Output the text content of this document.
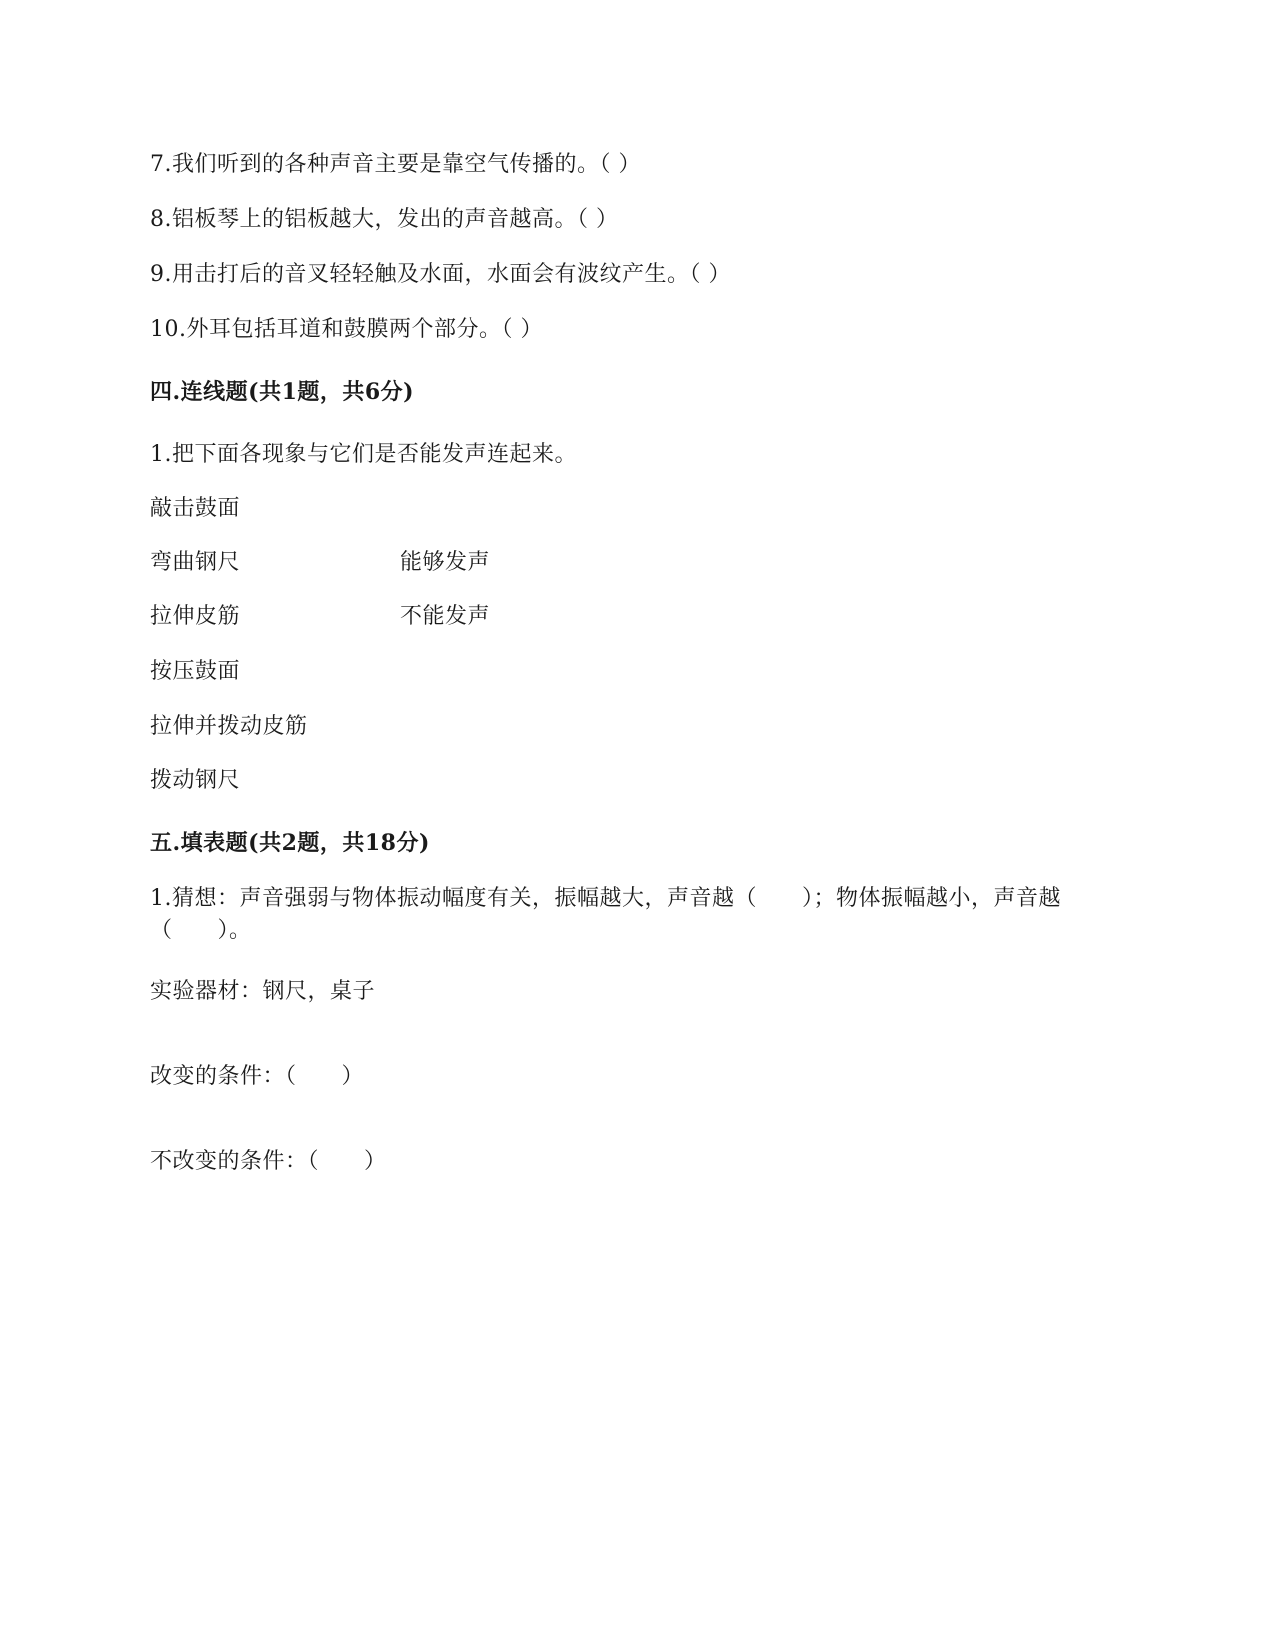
7.我们听到的各种声音主要是靠空气传播的。（ ）
8.铝板琴上的铝板越大，发出的声音越高。（ ）
9.用击打后的音叉轻轻触及水面，水面会有波纹产生。（ ）
10.外耳包括耳道和鼓膜两个部分。（ ）
四.连线题(共1题，共6分)
1.把下面各现象与它们是否能发声连起来。
敲击鼓面
弯曲钢尺	能够发声
拉伸皮筋	不能发声
按压鼓面
拉伸并拨动皮筋
拨动钢尺
五.填表题(共2题，共18分)
1.猜想：声音强弱与物体振动幅度有关，振幅越大，声音越（　　）；物体振幅越小，声音越（　　）。
实验器材：钢尺，桌子
改变的条件：（　　）
不改变的条件：（　　）
